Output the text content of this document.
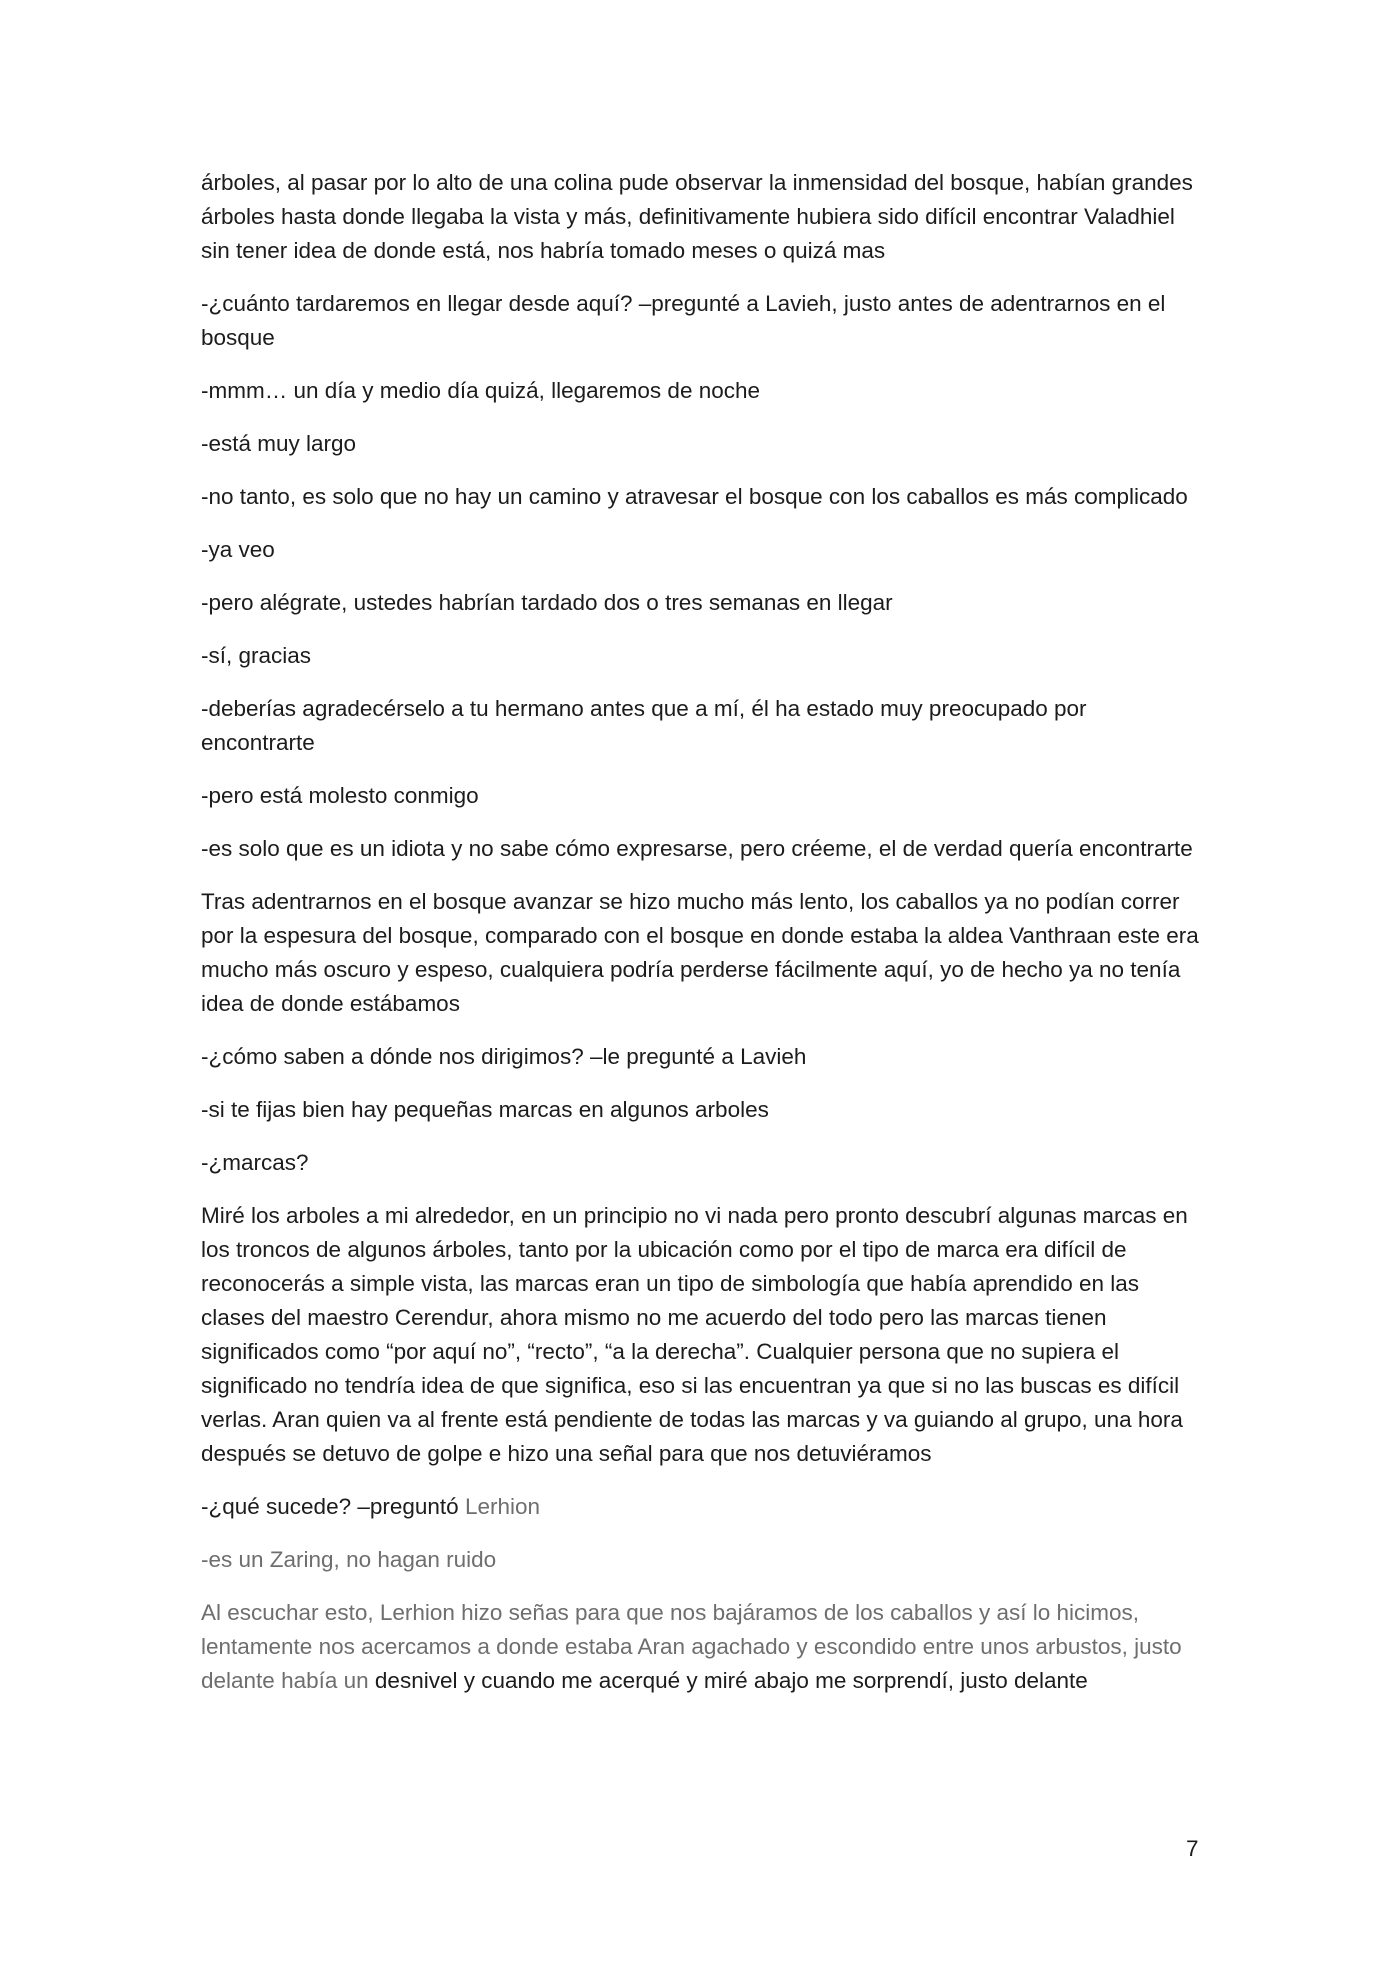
árboles, al pasar por lo alto de una colina pude observar la inmensidad del bosque, habían grandes árboles hasta donde llegaba la vista y más, definitivamente hubiera sido difícil encontrar Valadhiel sin tener idea de donde está, nos habría tomado meses o quizá mas

-¿cuánto tardaremos en llegar desde aquí? –pregunté a Lavieh, justo antes de adentrarnos en el bosque

-mmm… un día y medio día quizá, llegaremos de noche

-está muy largo

-no tanto, es solo que no hay un camino y atravesar el bosque con los caballos es más complicado

-ya veo

-pero alégrate, ustedes habrían tardado dos o tres semanas en llegar

-sí, gracias

-deberías agradecérselo a tu hermano antes que a mí, él ha estado muy preocupado por encontrarte

-pero está molesto conmigo

-es solo que es un idiota y no sabe cómo expresarse, pero créeme, el de verdad quería encontrarte

Tras adentrarnos en el bosque avanzar se hizo mucho más lento, los caballos ya no podían correr por la espesura del bosque, comparado con el bosque en donde estaba la aldea Vanthraan este era mucho más oscuro y espeso, cualquiera podría perderse fácilmente aquí, yo de hecho ya no tenía idea de donde estábamos

-¿cómo saben a dónde nos dirigimos? –le pregunté a Lavieh

-si te fijas bien hay pequeñas marcas en algunos arboles

-¿marcas?

Miré los arboles a mi alrededor, en un principio no vi nada pero pronto descubrí algunas marcas en los troncos de algunos árboles, tanto por la ubicación como por el tipo de marca era difícil de reconocerás a simple vista, las marcas eran un tipo de simbología que había aprendido en las clases del maestro Cerendur, ahora mismo no me acuerdo del todo pero las marcas tienen significados como “por aquí no”, “recto”, “a la derecha”. Cualquier persona que no supiera el significado no tendría idea de que significa, eso si las encuentran ya que si no las buscas es difícil verlas. Aran quien va al frente está pendiente de todas las marcas y va guiando al grupo, una hora después se detuvo de golpe e hizo una señal para que nos detuviéramos

-¿qué sucede? –preguntó Lerhion

-es un Zaring, no hagan ruido

Al escuchar esto, Lerhion hizo señas para que nos bajáramos de los caballos y así lo hicimos, lentamente nos acercamos a donde estaba Aran agachado y escondido entre unos arbustos, justo delante había un desnivel y cuando me acerqué y miré abajo me sorprendí, justo delante

7
